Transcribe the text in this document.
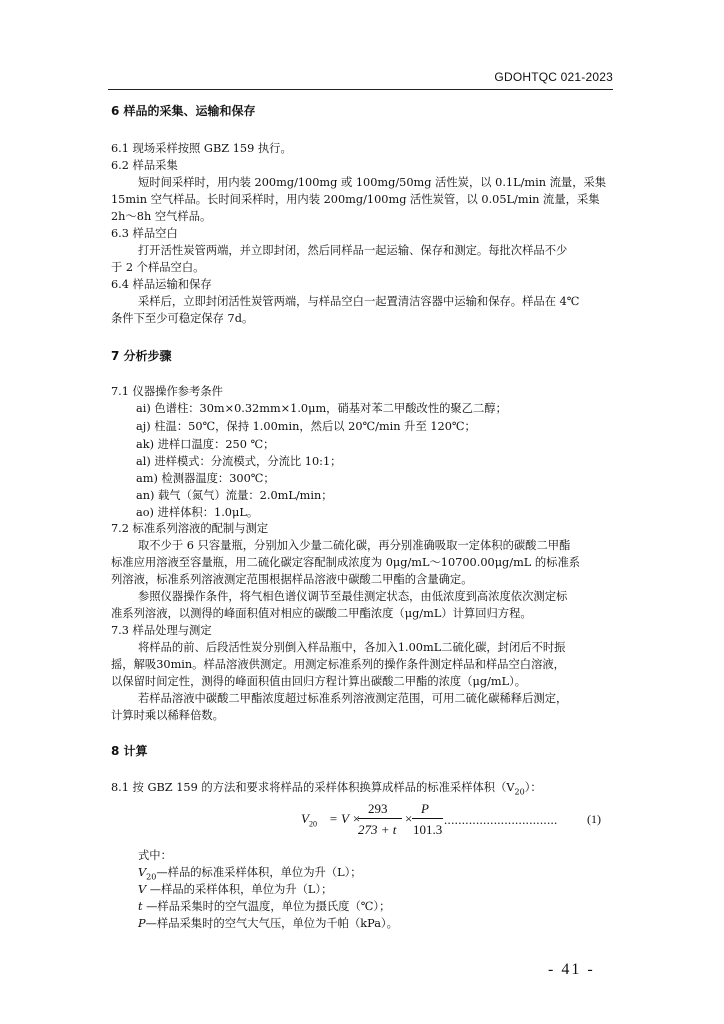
GDOHTQC 021-2023
6 样品的采集、运输和保存
6.1 现场采样按照 GBZ 159 执行。
6.2 样品采集
短时间采样时，用内装 200mg/100mg 或 100mg/50mg 活性炭，以 0.1L/min 流量，采集
15min 空气样品。长时间采样时，用内装 200mg/100mg 活性炭管，以 0.05L/min 流量，采集
2h～8h 空气样品。
6.3 样品空白
打开活性炭管两端，并立即封闭，然后同样品一起运输、保存和测定。每批次样品不少
于 2 个样品空白。
6.4 样品运输和保存
采样后，立即封闭活性炭管两端，与样品空白一起置清洁容器中运输和保存。样品在 4℃
条件下至少可稳定保存 7d。
7 分析步骤
7.1 仪器操作参考条件
ai) 色谱柱：30m×0.32mm×1.0μm，硝基对苯二甲酸改性的聚乙二醇；
aj) 柱温：50℃，保持 1.00min，然后以 20℃/min 升至 120℃；
ak) 进样口温度：250 ℃；
al) 进样模式：分流模式，分流比 10:1；
am) 检测器温度：300℃；
an) 载气（氮气）流量：2.0mL/min；
ao) 进样体积：1.0μL。
7.2 标准系列溶液的配制与测定
取不少于 6 只容量瓶，分别加入少量二硫化碳，再分别准确吸取一定体积的碳酸二甲酯
标准应用溶液至容量瓶，用二硫化碳定容配制成浓度为 0μg/mL～10700.00μg/mL 的标准系
列溶液，标准系列溶液测定范围根据样品溶液中碳酸二甲酯的含量确定。
参照仪器操作条件，将气相色谱仪调节至最佳测定状态，由低浓度到高浓度依次测定标
准系列溶液，以测得的峰面积值对相应的碳酸二甲酯浓度（μg/mL）计算回归方程。
7.3 样品处理与测定
将样品的前、后段活性炭分别倒入样品瓶中，各加入1.00mL二硫化碳，封闭后不时振
摇，解吸30min。样品溶液供测定。用测定标准系列的操作条件测定样品和样品空白溶液，
以保留时间定性，测得的峰面积值由回归方程计算出碳酸二甲酯的浓度（μg/mL）。
若样品溶液中碳酸二甲酯浓度超过标准系列溶液测定范围，可用二硫化碳稀释后测定，
计算时乘以稀释倍数。
8 计算
8.1 按 GBZ 159 的方法和要求将样品的采样体积换算成样品的标准采样体积$(V_{20})$：
$V_{20} = V$ ×
293
273 + t
×
P
101.3
................................ (1)
式中：
$V_{20}—$样品的标准采样体积，单位为升（L）；
V —样品的采样体积，单位为升（L）；
t —样品采集时的空气温度，单位为摄氏度（℃）；
P—样品采集时的空气大气压，单位为千帕（kPa）。
- 41 -
